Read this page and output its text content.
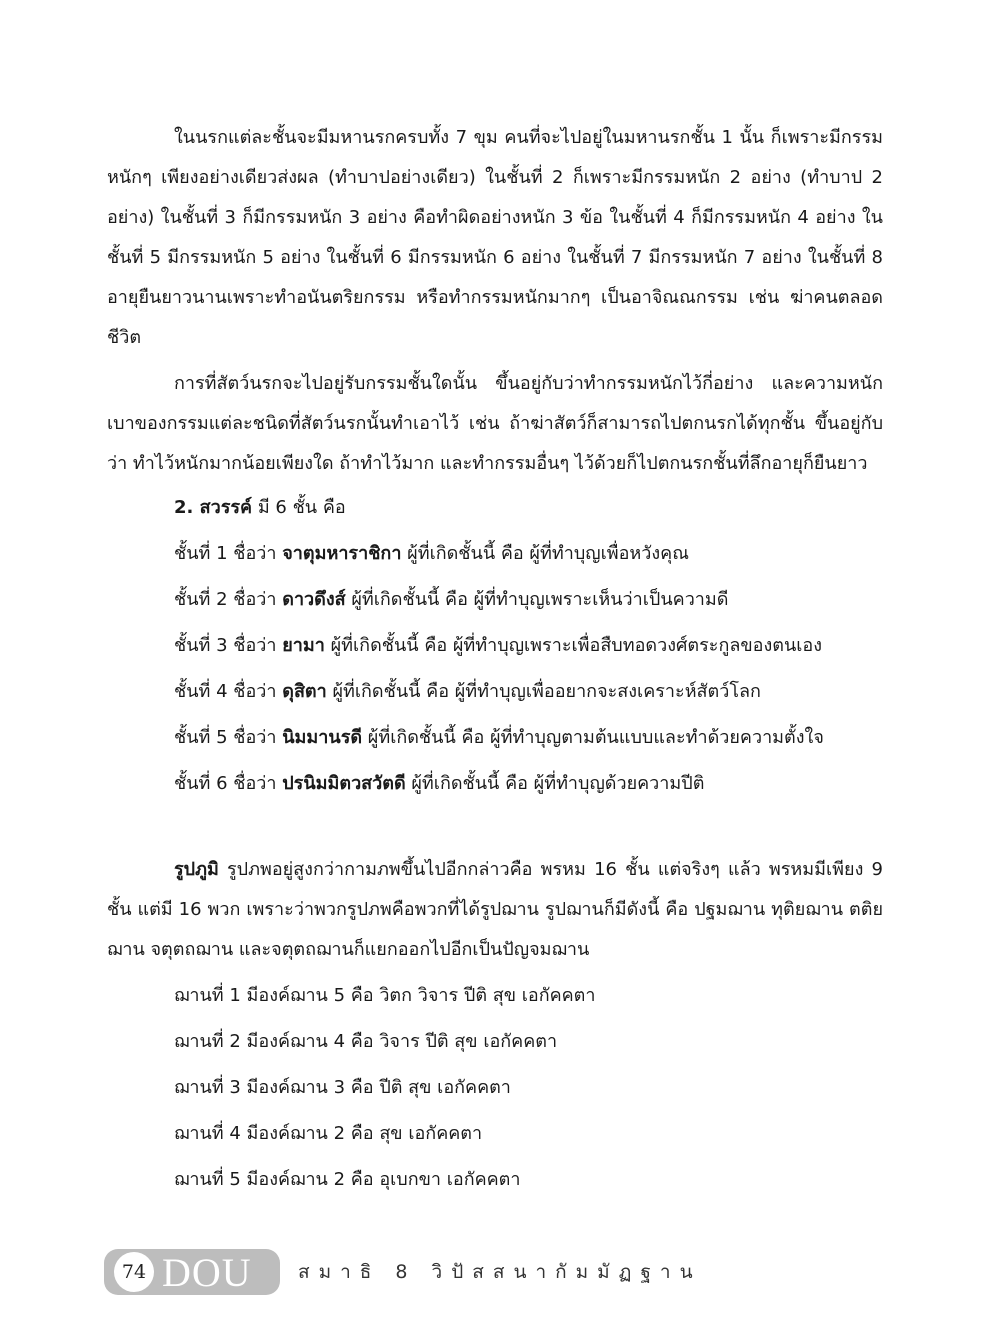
ในนรกแต่ละชั้นจะมีมหานรกครบทั้ง 7 ขุม คนที่จะไปอยู่ในมหานรกชั้น 1 นั้น ก็เพราะมีกรรมหนักๆ เพียงอย่างเดียวส่งผล (ทำบาปอย่างเดียว) ในชั้นที่ 2 ก็เพราะมีกรรมหนัก 2 อย่าง (ทำบาป 2 อย่าง) ในชั้นที่ 3 ก็มีกรรมหนัก 3 อย่าง คือทำผิดอย่างหนัก 3 ข้อ ในชั้นที่ 4 ก็มีกรรมหนัก 4 อย่าง ในชั้นที่ 5 มีกรรมหนัก 5 อย่าง ในชั้นที่ 6 มีกรรมหนัก 6 อย่าง ในชั้นที่ 7 มีกรรมหนัก 7 อย่าง ในชั้นที่ 8 อายุยืนยาวนานเพราะทำอนันตริยกรรม หรือทำกรรมหนักมากๆ เป็นอาจิณณกรรม เช่น ฆ่าคนตลอดชีวิต

การที่สัตว์นรกจะไปอยู่รับกรรมชั้นใดนั้น ขึ้นอยู่กับว่าทำกรรมหนักไว้กี่อย่าง และความหนักเบาของกรรมแต่ละชนิดที่สัตว์นรกนั้นทำเอาไว้ เช่น ถ้าฆ่าสัตว์ก็สามารถไปตกนรกได้ทุกชั้น ขึ้นอยู่กับว่า ทำไว้หนักมากน้อยเพียงใด ถ้าทำไว้มาก และทำกรรมอื่นๆ ไว้ด้วยก็ไปตกนรกชั้นที่ลึกอายุก็ยืนยาว

2. สวรรค์ มี 6 ชั้น คือ

ชั้นที่ 1 ชื่อว่า จาตุมหาราชิกา ผู้ที่เกิดชั้นนี้ คือ ผู้ที่ทำบุญเพื่อหวังคุณ

ชั้นที่ 2 ชื่อว่า ดาวดึงส์ ผู้ที่เกิดชั้นนี้ คือ ผู้ที่ทำบุญเพราะเห็นว่าเป็นความดี

ชั้นที่ 3 ชื่อว่า ยามา ผู้ที่เกิดชั้นนี้ คือ ผู้ที่ทำบุญเพราะเพื่อสืบทอดวงศ์ตระกูลของตนเอง

ชั้นที่ 4 ชื่อว่า ดุสิตา ผู้ที่เกิดชั้นนี้ คือ ผู้ที่ทำบุญเพื่ออยากจะสงเคราะห์สัตว์โลก

ชั้นที่ 5 ชื่อว่า นิมมานรดี ผู้ที่เกิดชั้นนี้ คือ ผู้ที่ทำบุญตามต้นแบบและทำด้วยความตั้งใจ

ชั้นที่ 6 ชื่อว่า ปรนิมมิตวสวัตดี ผู้ที่เกิดชั้นนี้ คือ ผู้ที่ทำบุญด้วยความปีติ

รูปภูมิ รูปภพอยู่สูงกว่ากามภพขึ้นไปอีกกล่าวคือ พรหม 16 ชั้น แต่จริงๆ แล้ว พรหมมีเพียง 9 ชั้น แต่มี 16 พวก เพราะว่าพวกรูปภพคือพวกที่ได้รูปฌาน รูปฌานก็มีดังนี้ คือ ปฐมฌาน ทุติยฌาน ตติยฌาน จตุตถฌาน และจตุตถฌานก็แยกออกไปอีกเป็นปัญจมฌาน

ฌานที่ 1 มีองค์ฌาน 5 คือ วิตก วิจาร ปีติ สุข เอกัคคตา

ฌานที่ 2 มีองค์ฌาน 4 คือ วิจาร ปีติ สุข เอกัคคตา

ฌานที่ 3 มีองค์ฌาน 3 คือ ปีติ สุข เอกัคคตา

ฌานที่ 4 มีองค์ฌาน 2 คือ สุข เอกัคคตา

ฌานที่ 5 มีองค์ฌาน 2 คือ อุเบกขา เอกัคคตา

74 DOU สมาธิ 8 วิปัสสนากัมมัฏฐาน
